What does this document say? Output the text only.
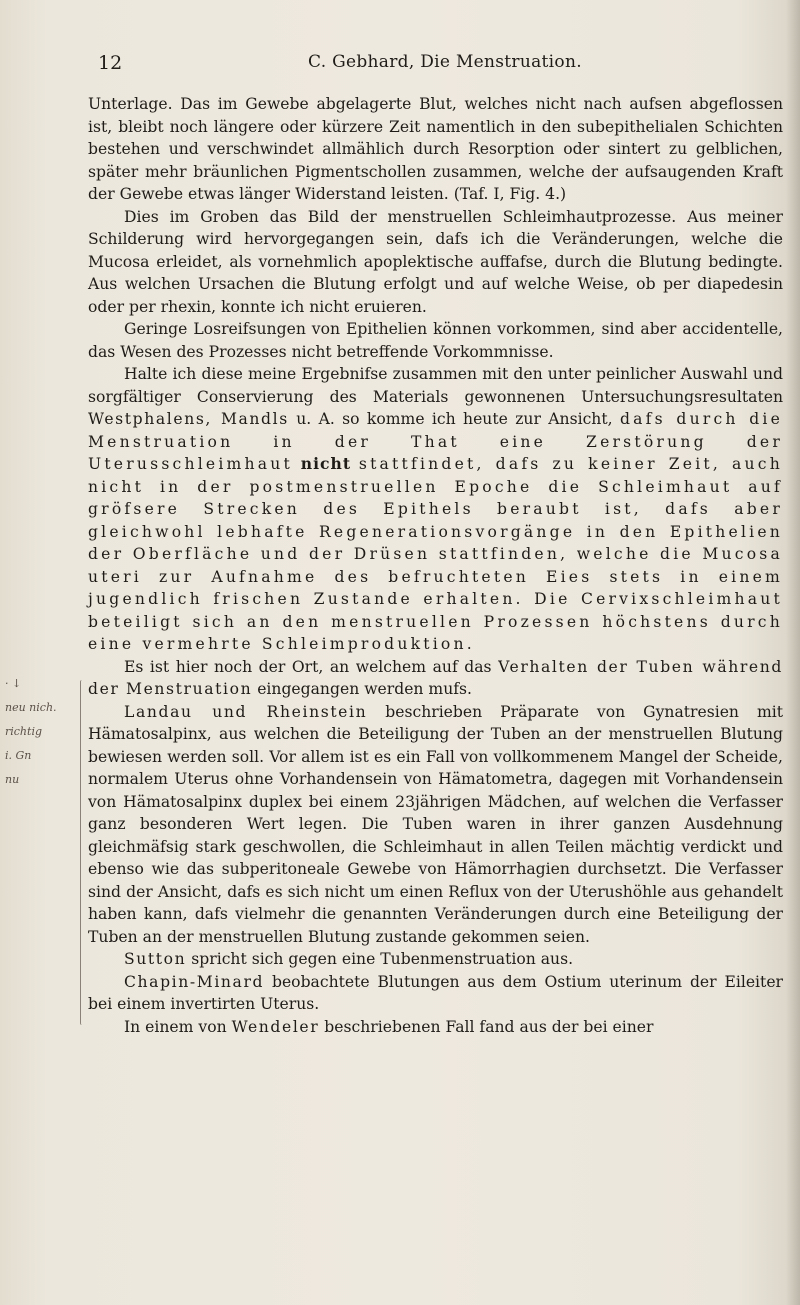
12	C. Gebhard, Die Menstruation.
· ↓
neu nich.
richtig
i. Gn
nu

Unterlage. Das im Gewebe abgelagerte Blut, welches nicht nach aufsen abgeflossen ist, bleibt noch längere oder kürzere Zeit namentlich in den subepithelialen Schichten bestehen und verschwindet allmählich durch Resorption oder sintert zu gelblichen, später mehr bräunlichen Pigmentschollen zusammen, welche der aufsaugenden Kraft der Gewebe etwas länger Widerstand leisten. (Taf. I, Fig. 4.)

Dies im Groben das Bild der menstruellen Schleimhautprozesse. Aus meiner Schilderung wird hervorgegangen sein, dafs ich die Veränderungen, welche die Mucosa erleidet, als vornehmlich apoplektische auffafse, durch die Blutung bedingte. Aus welchen Ursachen die Blutung erfolgt und auf welche Weise, ob per diapedesin oder per rhexin, konnte ich nicht eruieren.

Geringe Losreifsungen von Epithelien können vorkommen, sind aber accidentelle, das Wesen des Prozesses nicht betreffende Vorkommnisse.

Halte ich diese meine Ergebnifse zusammen mit den unter peinlicher Auswahl und sorgfältiger Conservierung des Materials gewonnenen Untersuchungsresultaten Westphalens, Mandls u. A. so komme ich heute zur Ansicht, dafs durch die Menstruation in der That eine Zerstörung der Uterusschleimhaut nicht stattfindet, dafs zu keiner Zeit, auch nicht in der postmenstruellen Epoche die Schleimhaut auf gröfsere Strecken des Epithels beraubt ist, dafs aber gleichwohl lebhafte Regenerationsvorgänge in den Epithelien der Oberfläche und der Drüsen stattfinden, welche die Mucosa uteri zur Aufnahme des befruchteten Eies stets in einem jugendlich frischen Zustande erhalten. Die Cervixschleimhaut beteiligt sich an den menstruellen Prozessen höchstens durch eine vermehrte Schleimproduktion.

Es ist hier noch der Ort, an welchem auf das Verhalten der Tuben während der Menstruation eingegangen werden mufs.

Landau und Rheinstein beschrieben Präparate von Gynatresien mit Hämatosalpinx, aus welchen die Beteiligung der Tuben an der menstruellen Blutung bewiesen werden soll. Vor allem ist es ein Fall von vollkommenem Mangel der Scheide, normalem Uterus ohne Vorhandensein von Hämatometra, dagegen mit Vorhandensein von Hämatosalpinx duplex bei einem 23jährigen Mädchen, auf welchen die Verfasser ganz besonderen Wert legen. Die Tuben waren in ihrer ganzen Ausdehnung gleichmäfsig stark geschwollen, die Schleimhaut in allen Teilen mächtig verdickt und ebenso wie das subperitoneale Gewebe von Hämorrhagien durchsetzt. Die Verfasser sind der Ansicht, dafs es sich nicht um einen Reflux von der Uterushöhle aus gehandelt haben kann, dafs vielmehr die genannten Veränderungen durch eine Beteiligung der Tuben an der menstruellen Blutung zustande gekommen seien.

Sutton spricht sich gegen eine Tubenmenstruation aus.

Chapin-Minard beobachtete Blutungen aus dem Ostium uterinum der Eileiter bei einem invertirten Uterus.

In einem von Wendeler beschriebenen Fall fand aus der bei einer
